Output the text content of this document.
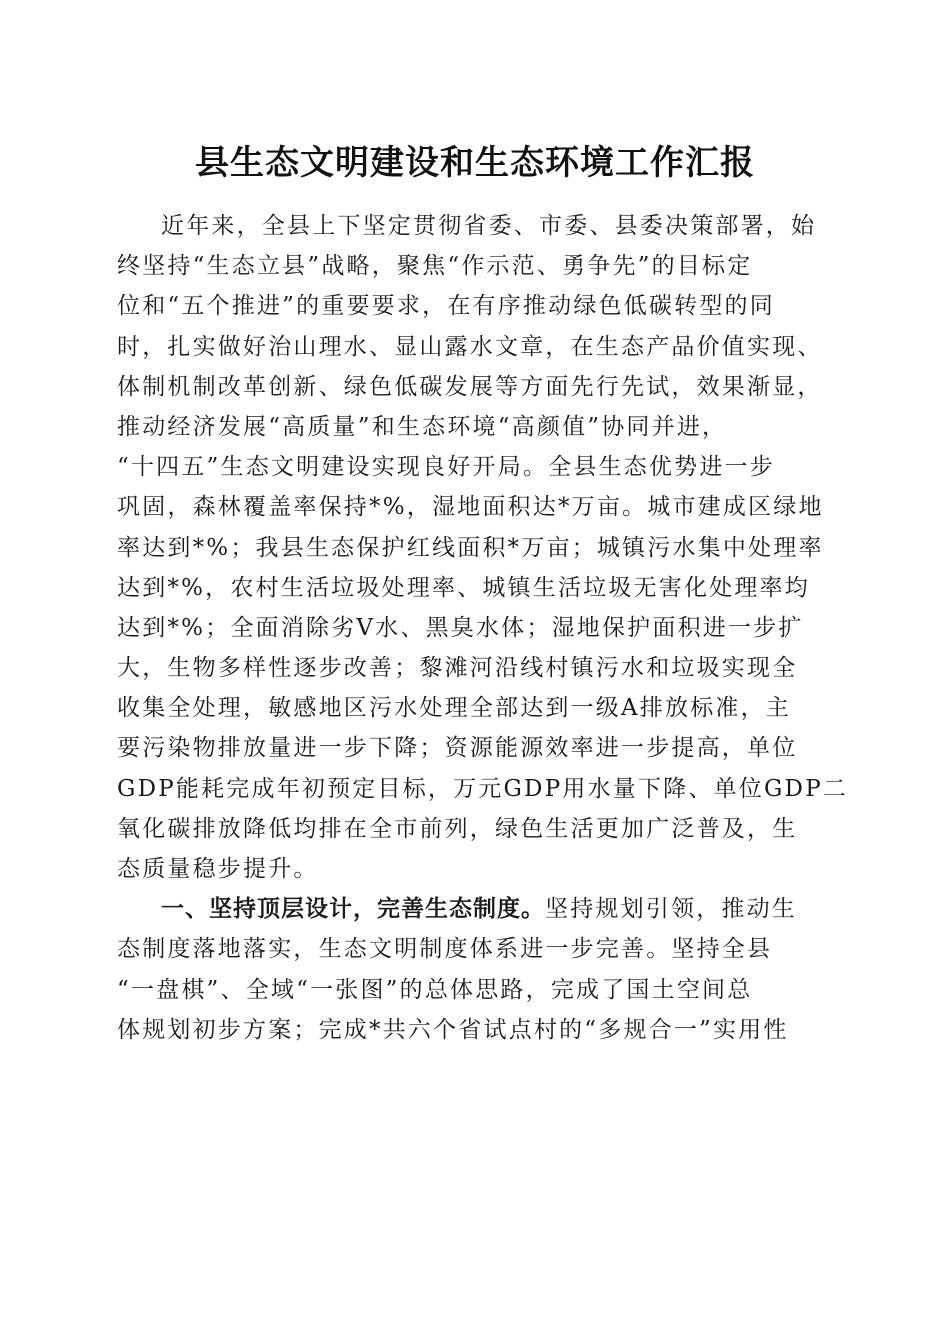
县生态文明建设和生态环境工作汇报
近年来，全县上下坚定贯彻省委、市委、县委决策部署，始
终坚持“生态立县”战略，聚焦“作示范、勇争先”的目标定
位和“五个推进”的重要要求，在有序推动绿色低碳转型的同
时，扎实做好治山理水、显山露水文章，在生态产品价值实现、
体制机制改革创新、绿色低碳发展等方面先行先试，效果渐显，
推动经济发展“高质量”和生态环境“高颜值”协同并进，
“十四五”生态文明建设实现良好开局。全县生态优势进一步
巩固，森林覆盖率保持*%，湿地面积达*万亩。城市建成区绿地
率达到*%；我县生态保护红线面积*万亩；城镇污水集中处理率
达到*%，农村生活垃圾处理率、城镇生活垃圾无害化处理率均
达到*%；全面消除劣Ⅴ水、黑臭水体；湿地保护面积进一步扩
大，生物多样性逐步改善；黎滩河沿线村镇污水和垃圾实现全
收集全处理，敏感地区污水处理全部达到一级A排放标准，主
要污染物排放量进一步下降；资源能源效率进一步提高，单位
GDP能耗完成年初预定目标，万元GDP用水量下降、单位GDP二
氧化碳排放降低均排在全市前列，绿色生活更加广泛普及，生
态质量稳步提升。
一、坚持顶层设计，完善生态制度。坚持规划引领，推动生
态制度落地落实，生态文明制度体系进一步完善。坚持全县
“一盘棋”、全域“一张图”的总体思路，完成了国土空间总
体规划初步方案；完成*共六个省试点村的“多规合一”实用性
